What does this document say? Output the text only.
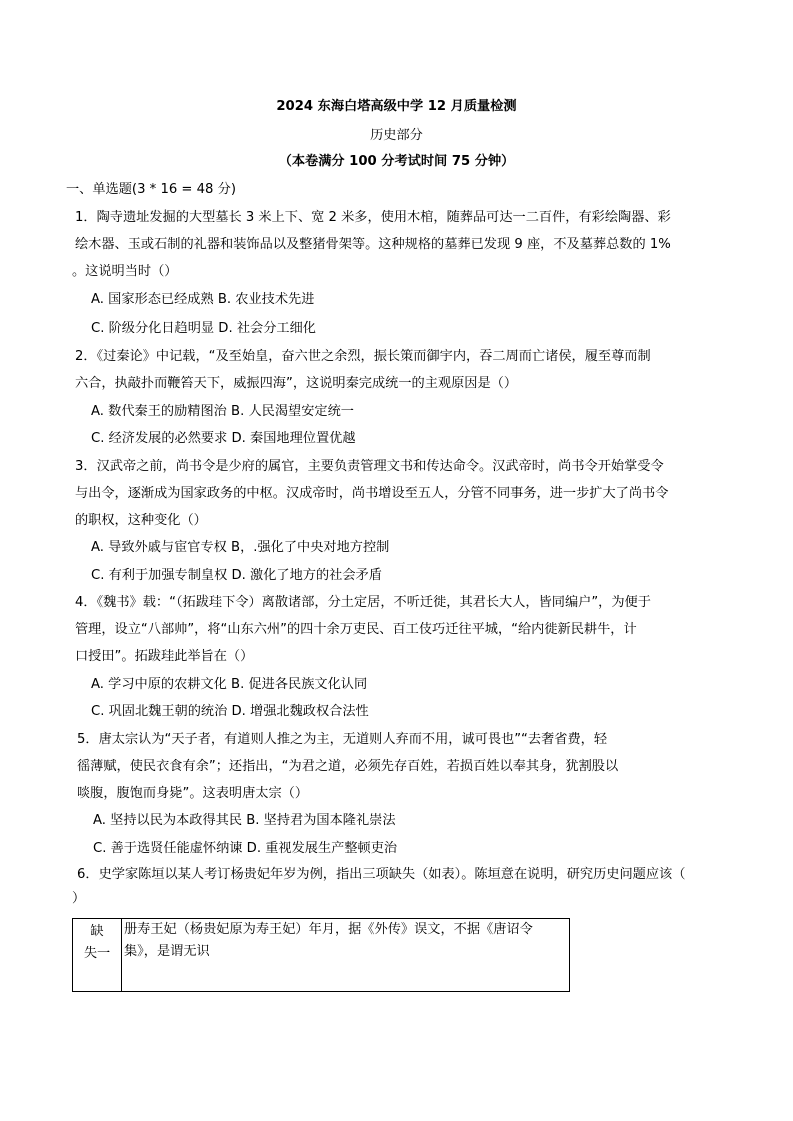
2024 东海白塔高级中学 12 月质量检测
历史部分
（本卷满分 100 分考试时间 75 分钟）
一、单选题(3 * 16 = 48 分)
1．陶寺遗址发掘的大型墓长 3 米上下、宽 2 米多，使用木棺，随葬品可达一二百件，有彩绘陶器、彩
绘木器、玉或石制的礼器和装饰品以及整猪骨架等。这种规格的墓葬已发现 9 座，不及墓葬总数的 1%
。这说明当时（）
A. 国家形态已经成熟 B. 农业技术先进
C. 阶级分化日趋明显 D. 社会分工细化
2．《过秦论》中记载，“及至始皇，奋六世之余烈，振长策而御宇内，吞二周而亡诸侯，履至尊而制
六合，执敲扑而鞭笞天下，威振四海”，这说明秦完成统一的主观原因是（）
A. 数代秦王的励精图治 B. 人民渴望安定统一
C. 经济发展的必然要求 D. 秦国地理位置优越
3．汉武帝之前，尚书令是少府的属官，主要负责管理文书和传达命令。汉武帝时，尚书令开始掌受令
与出令，逐渐成为国家政务的中枢。汉成帝时，尚书增设至五人，分管不同事务，进一步扩大了尚书令
的职权，这种变化（）
A. 导致外戚与宦官专权 B，.强化了中央对地方控制
C. 有利于加强专制皇权 D. 激化了地方的社会矛盾
4．《魏书》载：“（拓跋珪下令）离散诸部，分土定居，不听迁徙，其君长大人，皆同编户”，为便于
管理，设立“八部帅”，将“山东六州”的四十余万吏民、百工伎巧迁往平城，“给内徙新民耕牛，计
口授田”。拓跋珪此举旨在（）
A. 学习中原的农耕文化 B. 促进各民族文化认同
C. 巩固北魏王朝的统治 D. 增强北魏政权合法性
5．唐太宗认为“天子者，有道则人推之为主，无道则人弃而不用，诚可畏也”“去奢省费，轻
徭薄赋，使民衣食有余”；还指出，“为君之道，必须先存百姓，若损百姓以奉其身，犹割股以
啖腹，腹饱而身毙”。这表明唐太宗（）
A. 坚持以民为本政得其民 B. 坚持君为国本隆礼崇法
C. 善于选贤任能虚怀纳谏 D. 重视发展生产整顿吏治
6．史学家陈垣以某人考订杨贵妃年岁为例，指出三项缺失（如表）。陈垣意在说明，研究历史问题应该（
）
缺
失一
	册寿王妃（杨贵妃原为寿王妃）年月，据《外传》误文，不据《唐诏令
集》，是谓无识
